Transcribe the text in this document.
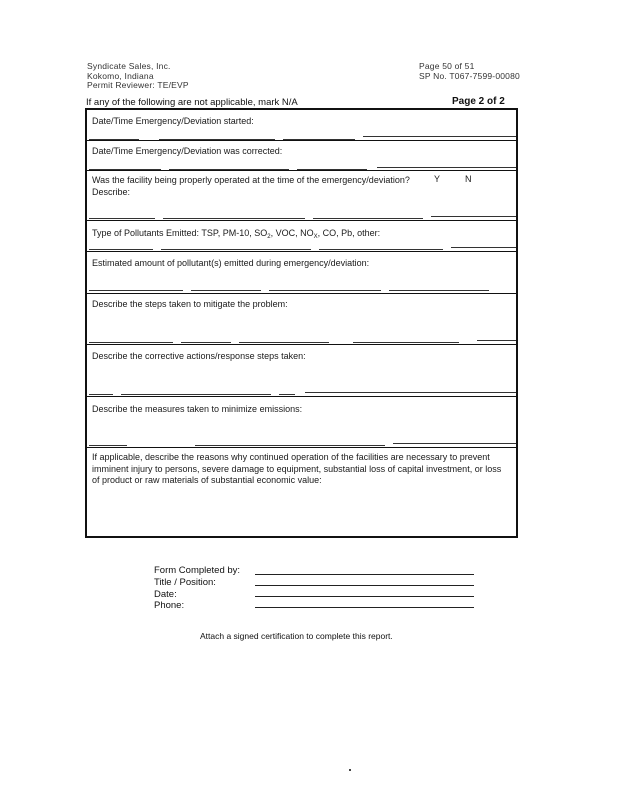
Syndicate Sales, Inc.
Kokomo, Indiana
Permit Reviewer: TE/EVP
Page 50 of 51
SP No. T067-7599-00080
If any of the following are not applicable, mark N/A	Page 2 of 2
Date/Time Emergency/Deviation started:
Date/Time Emergency/Deviation was corrected:
Was the facility being properly operated at the time of the emergency/deviation?	Y	N
Describe:
Type of Pollutants Emitted: TSP, PM-10, $SO_2$, VOC, $NO_X$, CO, Pb, other:
Estimated amount of pollutant(s) emitted during emergency/deviation:
Describe the steps taken to mitigate the problem:
Describe the corrective actions/response steps taken:
Describe the measures taken to minimize emissions:
If applicable, describe the reasons why continued operation of the facilities are necessary to prevent imminent injury to persons, severe damage to equipment, substantial loss of capital investment, or loss of product or raw materials of substantial economic value:
Form Completed by:
Title / Position:
Date:
Phone:
Attach a signed certification to complete this report.
